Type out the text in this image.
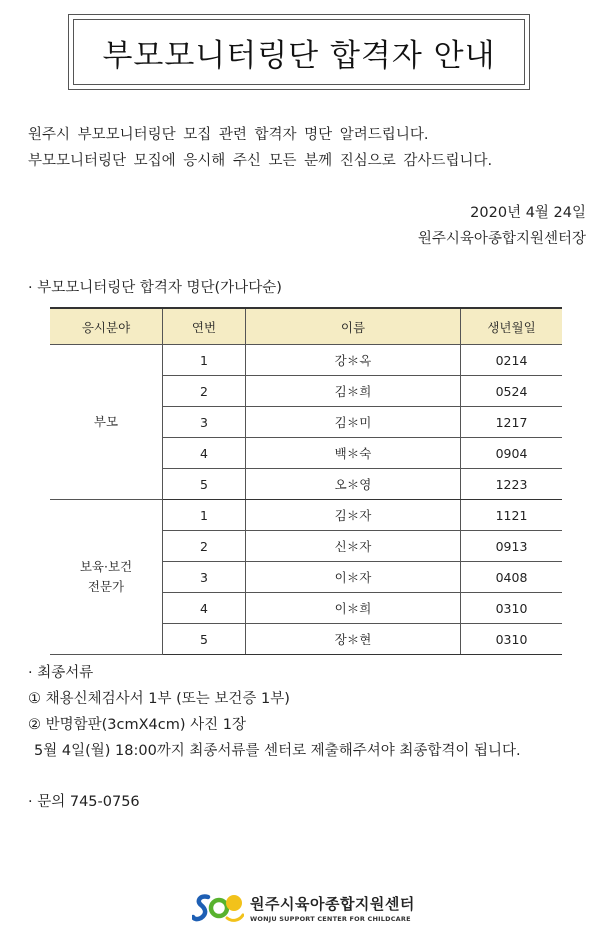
부모모니터링단 합격자 안내
원주시 부모모니터링단 모집 관련 합격자 명단 알려드립니다.
부모모니터링단 모집에 응시해 주신 모든 분께 진심으로 감사드립니다.
2020년 4월 24일
원주시육아종합지원센터장
· 부모모니터링단 합격자 명단(가나다순)
응시분야	연번	이름	생년월일
부모	1	강＊옥	0214
	2	김＊희	0524
	3	김＊미	1217
	4	백＊숙	0904
	5	오＊영	1223

보육·보건
전문가	1	김＊자	1121
	2	신＊자	0913
	3	이＊자	0408
	4	이＊희	0310
	5	장＊현	0310
· 최종서류
① 채용신체검사서 1부 (또는 보건증 1부)
② 반명함판(3cmX4cm) 사진 1장
5월 4일(월) 18:00까지 최종서류를 센터로 제출해주셔야 최종합격이 됩니다.
· 문의 745-0756
원주시육아종합지원센터
WONJU SUPPORT CENTER FOR CHILDCARE
